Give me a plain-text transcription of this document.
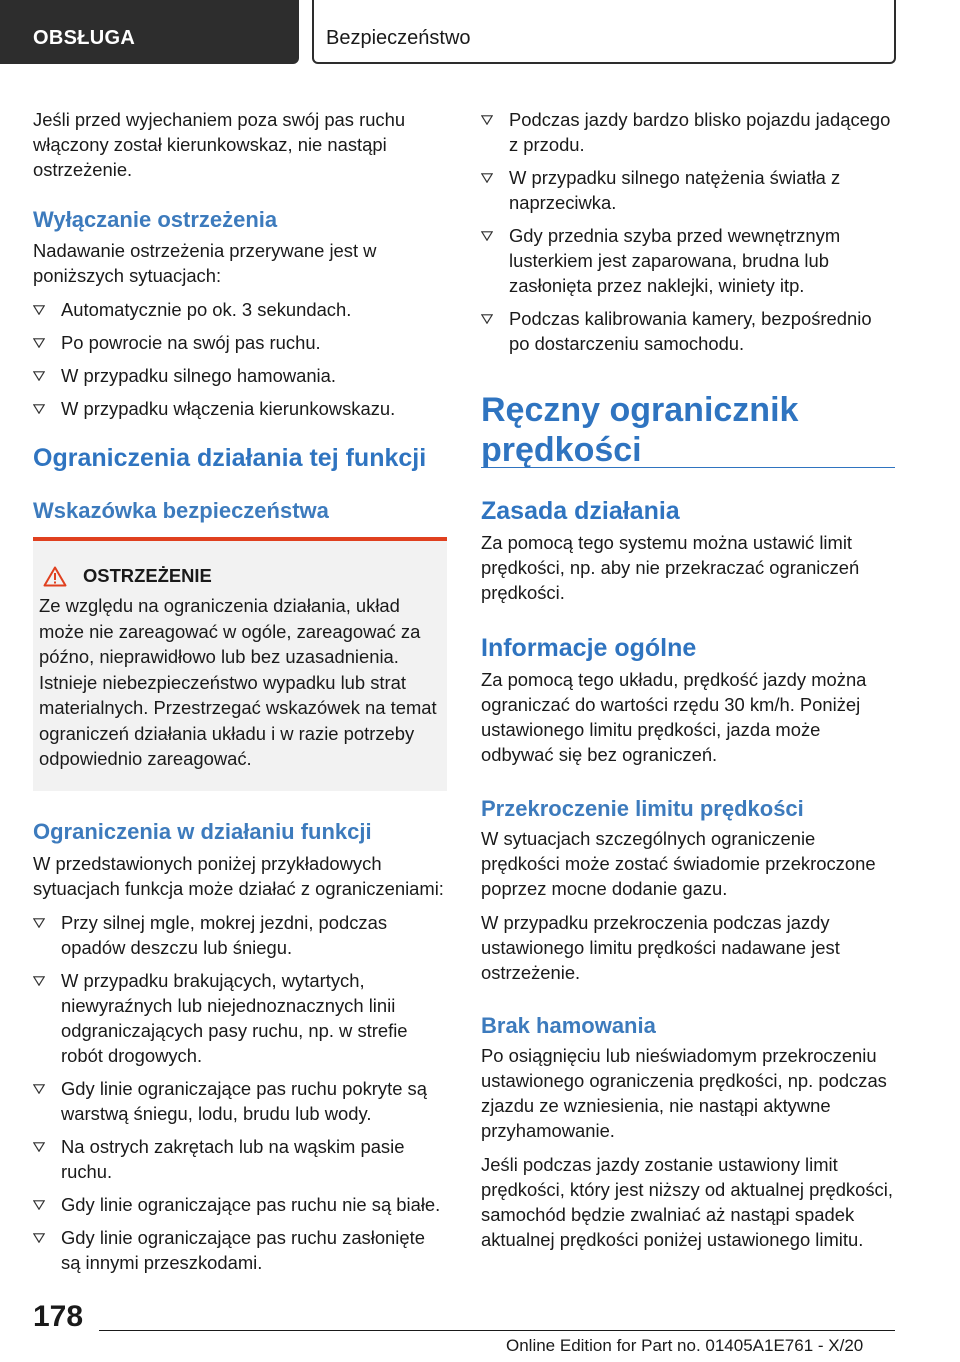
OBSŁUGA	Bezpieczeństwo

Jeśli przed wyjechaniem poza swój pas ruchu włączony został kierunkowskaz, nie nastąpi ostrzeżenie.

Wyłączanie ostrzeżenia

Nadawanie ostrzeżenia przerywane jest w poniższych sytuacjach:

Automatycznie po ok. 3 sekundach.
Po powrocie na swój pas ruchu.
W przypadku silnego hamowania.
W przypadku włączenia kierunkowskazu.
Ograniczenia działania tej funkcji
Wskazówka bezpieczeństwa
OSTRZEŻENIE

Ze względu na ograniczenia działania, układ może nie zareagować w ogóle, zareagować za późno, nieprawidłowo lub bez uzasadnienia. Istnieje niebezpieczeństwo wypadku lub strat materialnych. Przestrzegać wskazówek na temat ograniczeń działania układu i w razie potrzeby odpowiednio zareagować.

Ograniczenia w działaniu funkcji

W przedstawionych poniżej przykładowych sytuacjach funkcja może działać z ograniczeniami:

Przy silnej mgle, mokrej jezdni, podczas opadów deszczu lub śniegu.
W przypadku brakujących, wytartych, niewyraźnych lub niejednoznacznych linii odgraniczających pasy ruchu, np. w strefie robót drogowych.
Gdy linie ograniczające pas ruchu pokryte są warstwą śniegu, lodu, brudu lub wody.
Na ostrych zakrętach lub na wąskim pasie ruchu.
Gdy linie ograniczające pas ruchu nie są białe.
Gdy linie ograniczające pas ruchu zasłonięte są innymi przeszkodami.
Podczas jazdy bardzo blisko pojazdu jadącego z przodu.
W przypadku silnego natężenia światła z naprzeciwka.
Gdy przednia szyba przed wewnętrznym lusterkiem jest zaparowana, brudna lub zasłonięta przez naklejki, winiety itp.
Podczas kalibrowania kamery, bezpośrednio po dostarczeniu samochodu.
Ręczny ogranicznik prędkości
Zasada działania

Za pomocą tego systemu można ustawić limit prędkości, np. aby nie przekraczać ograniczeń prędkości.

Informacje ogólne

Za pomocą tego układu, prędkość jazdy można ograniczać do wartości rzędu 30 km/h. Poniżej ustawionego limitu prędkości, jazda może odbywać się bez ograniczeń.

Przekroczenie limitu prędkości

W sytuacjach szczególnych ograniczenie prędkości może zostać świadomie przekroczone poprzez mocne dodanie gazu.

W przypadku przekroczenia podczas jazdy ustawionego limitu prędkości nadawane jest ostrzeżenie.

Brak hamowania

Po osiągnięciu lub nieświadomym przekroczeniu ustawionego ograniczenia prędkości, np. podczas zjazdu ze wzniesienia, nie nastąpi aktywne przyhamowanie.

Jeśli podczas jazdy zostanie ustawiony limit prędkości, który jest niższy od aktualnej prędkości, samochód będzie zwalniać aż nastąpi spadek aktualnej prędkości poniżej ustawionego limitu.

178
Online Edition for Part no. 01405A1E761 - X/20
